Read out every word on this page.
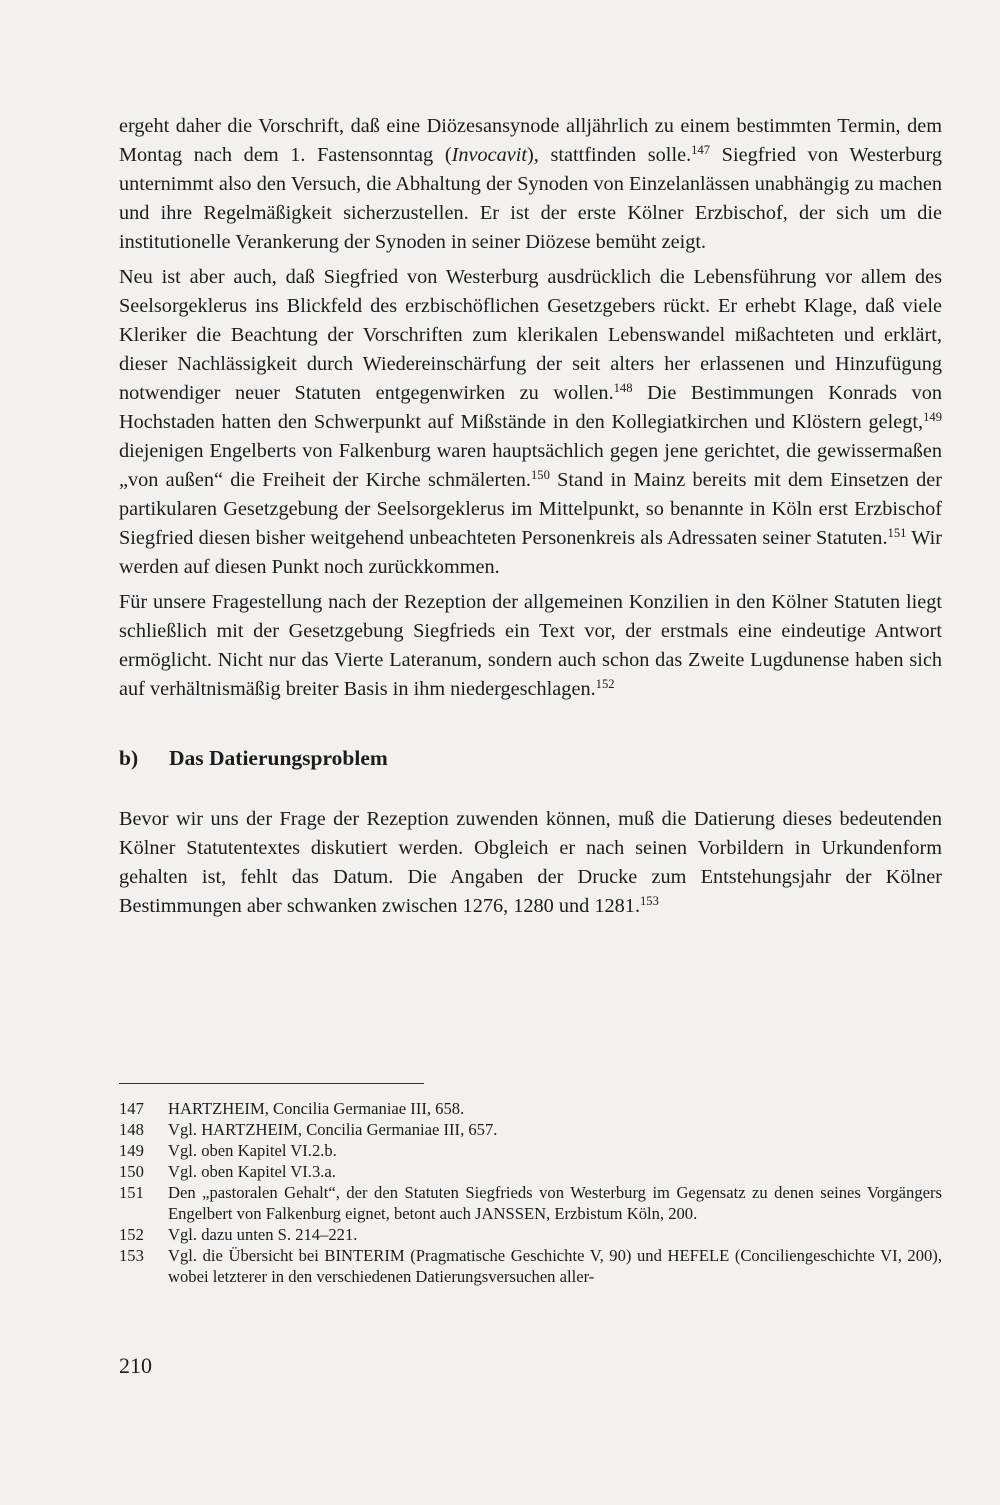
ergeht daher die Vorschrift, daß eine Diözesansynode alljährlich zu einem bestimmten Termin, dem Montag nach dem 1. Fastensonntag (Invocavit), stattfinden solle.$^{147}$ Siegfried von Westerburg unternimmt also den Versuch, die Abhaltung der Synoden von Einzelanlässen unabhängig zu machen und ihre Regelmäßigkeit sicherzustellen. Er ist der erste Kölner Erzbischof, der sich um die institutionelle Verankerung der Synoden in seiner Diözese bemüht zeigt.

Neu ist aber auch, daß Siegfried von Westerburg ausdrücklich die Lebensführung vor allem des Seelsorgeklerus ins Blickfeld des erzbischöflichen Gesetzgebers rückt. Er erhebt Klage, daß viele Kleriker die Beachtung der Vorschriften zum klerikalen Lebenswandel mißachteten und erklärt, dieser Nachlässigkeit durch Wiedereinschärfung der seit alters her erlassenen und Hinzufügung notwendiger neuer Statuten entgegenwirken zu wollen.$^{148}$ Die Bestimmungen Konrads von Hochstaden hatten den Schwerpunkt auf Mißstände in den Kollegiatkirchen und Klöstern gelegt,$^{149}$ diejenigen Engelberts von Falkenburg waren hauptsächlich gegen jene gerichtet, die gewissermaßen „von außen“ die Freiheit der Kirche schmälerten.$^{150}$ Stand in Mainz bereits mit dem Einsetzen der partikularen Gesetzgebung der Seelsorgeklerus im Mittelpunkt, so benannte in Köln erst Erzbischof Siegfried diesen bisher weitgehend unbeachteten Personenkreis als Adressaten seiner Statuten.$^{151}$ Wir werden auf diesen Punkt noch zurückkommen.

Für unsere Fragestellung nach der Rezeption der allgemeinen Konzilien in den Kölner Statuten liegt schließlich mit der Gesetzgebung Siegfrieds ein Text vor, der erstmals eine eindeutige Antwort ermöglicht. Nicht nur das Vierte Lateranum, sondern auch schon das Zweite Lugdunense haben sich auf verhältnismäßig breiter Basis in ihm niedergeschlagen.$^{152}$

b) Das Datierungsproblem

Bevor wir uns der Frage der Rezeption zuwenden können, muß die Datierung dieses bedeutenden Kölner Statutentextes diskutiert werden. Obgleich er nach seinen Vorbildern in Urkundenform gehalten ist, fehlt das Datum. Die Angaben der Drucke zum Entstehungsjahr der Kölner Bestimmungen aber schwanken zwischen 1276, 1280 und 1281.$^{153}$

147	HARTZHEIM, Concilia Germaniae III, 658.
148	Vgl. HARTZHEIM, Concilia Germaniae III, 657.
149	Vgl. oben Kapitel VI.2.b.
150	Vgl. oben Kapitel VI.3.a.
151	Den „pastoralen Gehalt“, der den Statuten Siegfrieds von Westerburg im Gegensatz zu denen seines Vorgängers Engelbert von Falkenburg eignet, betont auch JANSSEN, Erzbistum Köln, 200.
152	Vgl. dazu unten S. 214–221.
153	Vgl. die Übersicht bei BINTERIM (Pragmatische Geschichte V, 90) und HEFELE (Conciliengeschichte VI, 200), wobei letzterer in den verschiedenen Datierungsversuchen aller-
210
